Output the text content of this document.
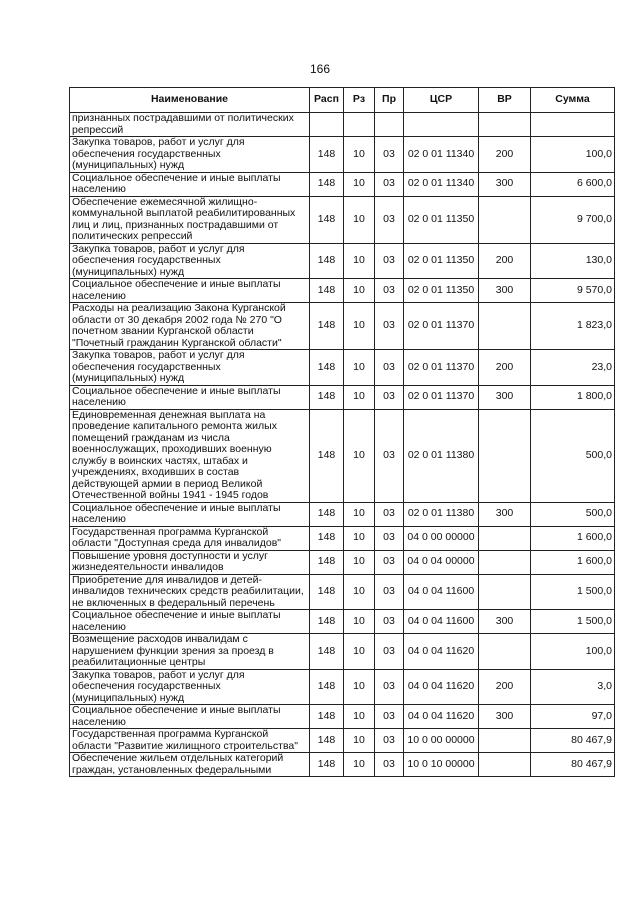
166
Наименование	Расп	Рз	Пр	ЦСР	ВР	Сумма
признанных пострадавшими от политических репрессий						
Закупка товаров, работ и услуг для обеспечения государственных (муниципальных) нужд	148	10	03	02 0 01 11340	200	100,0
Социальное обеспечение и иные выплаты населению	148	10	03	02 0 01 11340	300	6 600,0
Обеспечение ежемесячной жилищно-коммунальной выплатой реабилитированных лиц и лиц, признанных пострадавшими от политических репрессий	148	10	03	02 0 01 11350		9 700,0
Закупка товаров, работ и услуг для обеспечения государственных (муниципальных) нужд	148	10	03	02 0 01 11350	200	130,0
Социальное обеспечение и иные выплаты населению	148	10	03	02 0 01 11350	300	9 570,0
Расходы на реализацию Закона Курганской области от 30 декабря 2002 года № 270 "О почетном звании Курганской области "Почетный гражданин Курганской области"	148	10	03	02 0 01 11370		1 823,0
Закупка товаров, работ и услуг для обеспечения государственных (муниципальных) нужд	148	10	03	02 0 01 11370	200	23,0
Социальное обеспечение и иные выплаты населению	148	10	03	02 0 01 11370	300	1 800,0
Единовременная денежная выплата на проведение капитального ремонта жилых помещений гражданам из числа военнослужащих, проходивших военную службу в воинских частях, штабах и учреждениях, входивших в состав действующей армии в период Великой Отечественной войны 1941 - 1945 годов	148	10	03	02 0 01 11380		500,0
Социальное обеспечение и иные выплаты населению	148	10	03	02 0 01 11380	300	500,0
Государственная программа Курганской области "Доступная среда для инвалидов"	148	10	03	04 0 00 00000		1 600,0
Повышение уровня доступности и услуг жизнедеятельности инвалидов	148	10	03	04 0 04 00000		1 600,0
Приобретение для инвалидов и детей-инвалидов технических средств реабилитации, не включенных в федеральный перечень	148	10	03	04 0 04 11600		1 500,0
Социальное обеспечение и иные выплаты населению	148	10	03	04 0 04 11600	300	1 500,0
Возмещение расходов инвалидам с нарушением функции зрения за проезд в реабилитационные центры	148	10	03	04 0 04 11620		100,0
Закупка товаров, работ и услуг для обеспечения государственных (муниципальных) нужд	148	10	03	04 0 04 11620	200	3,0
Социальное обеспечение и иные выплаты населению	148	10	03	04 0 04 11620	300	97,0
Государственная программа Курганской области "Развитие жилищного строительства"	148	10	03	10 0 00 00000		80 467,9
Обеспечение жильем отдельных категорий граждан, установленных федеральными	148	10	03	10 0 10 00000		80 467,9
